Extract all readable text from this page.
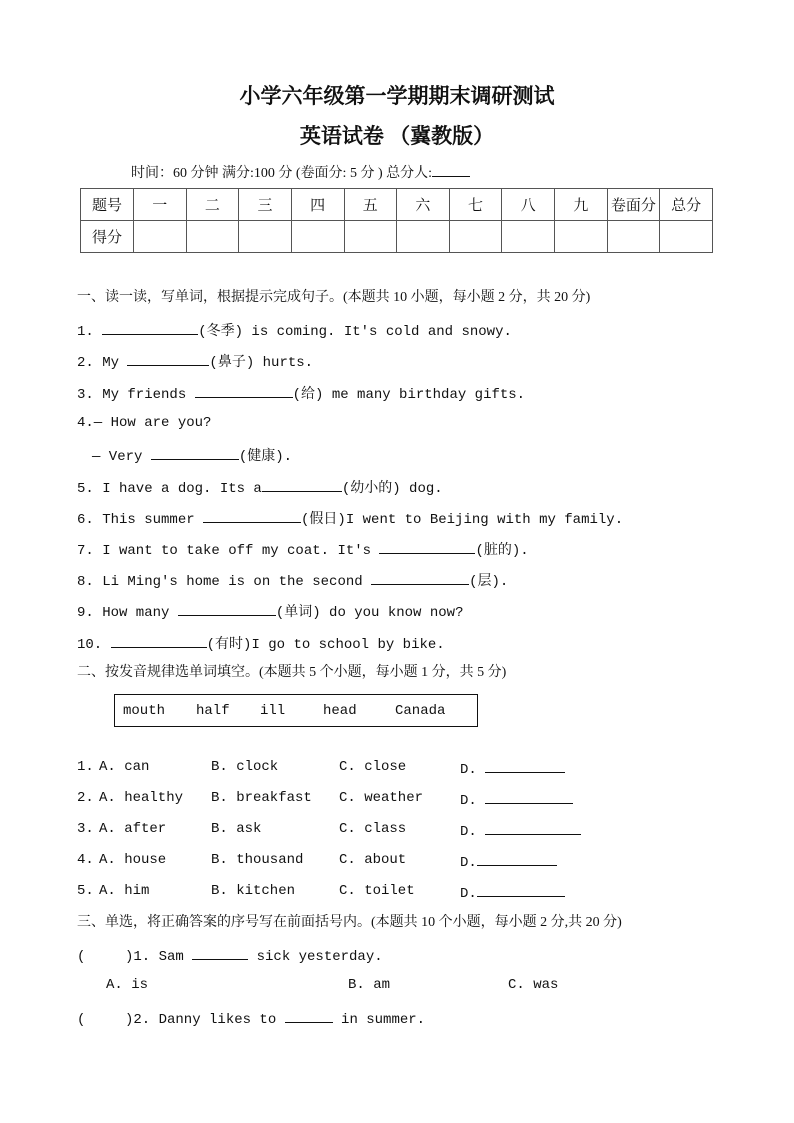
小学六年级第一学期期末调研测试
英语试卷 （冀教版）
时间：60 分钟 满分:100 分 (卷面分: 5 分 ) 总分人:
题号	一	二	三	四	五	六	七	八	九	卷面分	总分
得分											
一、读一读，写单词，根据提示完成句子。(本题共 10 小题，每小题 2 分，共 20 分)
1.	(冬季) is coming. It's cold and snowy.
2. My	(鼻子) hurts.
3. My friends	(给) me many birthday gifts.
4.— How are you?
— Very	(健康).
5. I have a dog. Its a	(幼小的) dog.
6. This summer	(假日)I went to Beijing with my family.
7. I want to take off my coat. It's	(脏的).
8. Li Ming's home is on the second	(层).
9. How many	(单词) do you know now?
10.	(有时)I go to school by bike.
二、按发音规律选单词填空。(本题共 5 个小题，每小题 1 分，共 5 分)
mouth half ill	head	Canada
1. A. can	B. clock	C. close	D.
2. A. healthy B. breakfast C. weather	D.
3. A. after	B. ask	C. class	D.
4. A. house	B. thousand	C. about	D.
5. A. him	B. kitchen	C. toilet	D.
三、单选，将正确答案的序号写在前面括号内。(本题共 10 个小题，每小题 2 分,共 20 分)
(	)1. Sam	sick yesterday.
A. is	B. am	C. was
(	)2. Danny likes to	in summer.
